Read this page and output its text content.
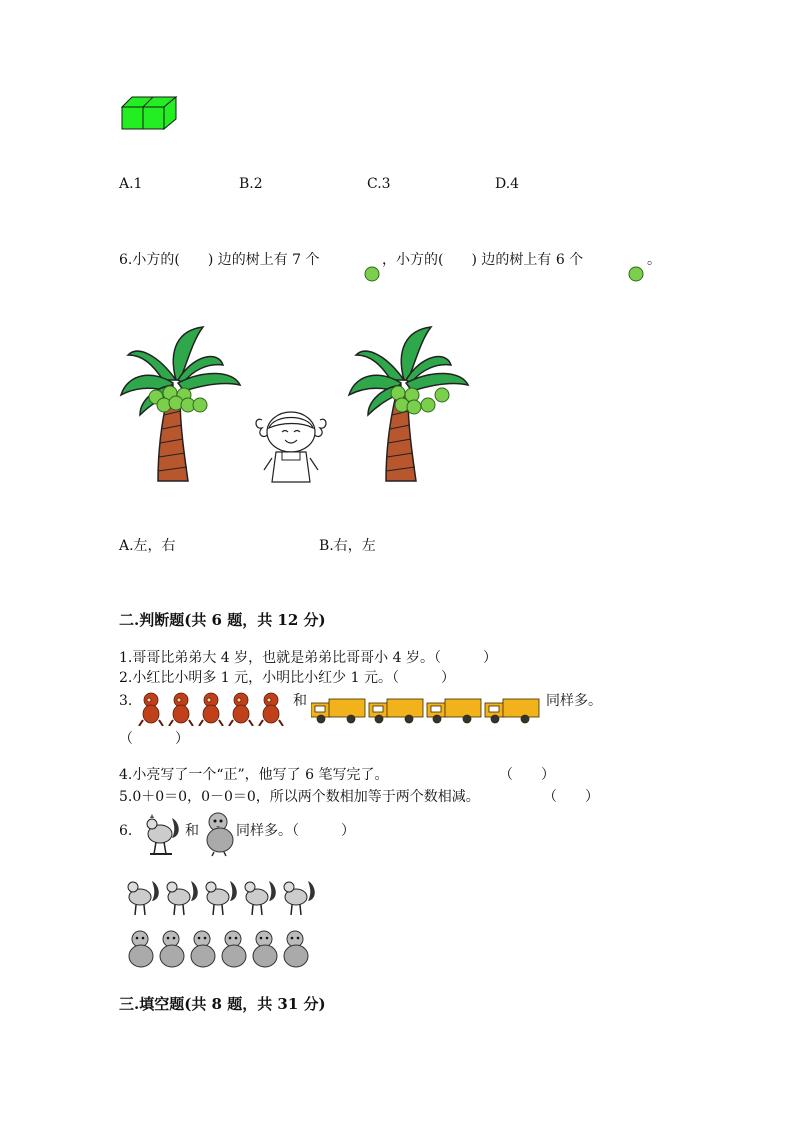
A.1	B.2	C.3	D.4
6.小方的(　　) 边的树上有 7 个	，小方的(　　) 边的树上有 6 个	。
A.左，右	B.右，左
二.判断题(共 6 题，共 12 分)
1.哥哥比弟弟大 4 岁，也就是弟弟比哥哥小 4 岁。（　　　）
2.小红比小明多 1 元，小明比小红少 1 元。（　　　）
3.	和	同样多。
（　　　）
4.小亮写了一个“正”，他写了 6 笔写完了。	（　　）
5.0＋0＝0，0－0＝0，所以两个数相加等于两个数相减。	（　　）
6.	和	同样多。（　　　）
三.填空题(共 8 题，共 31 分)
